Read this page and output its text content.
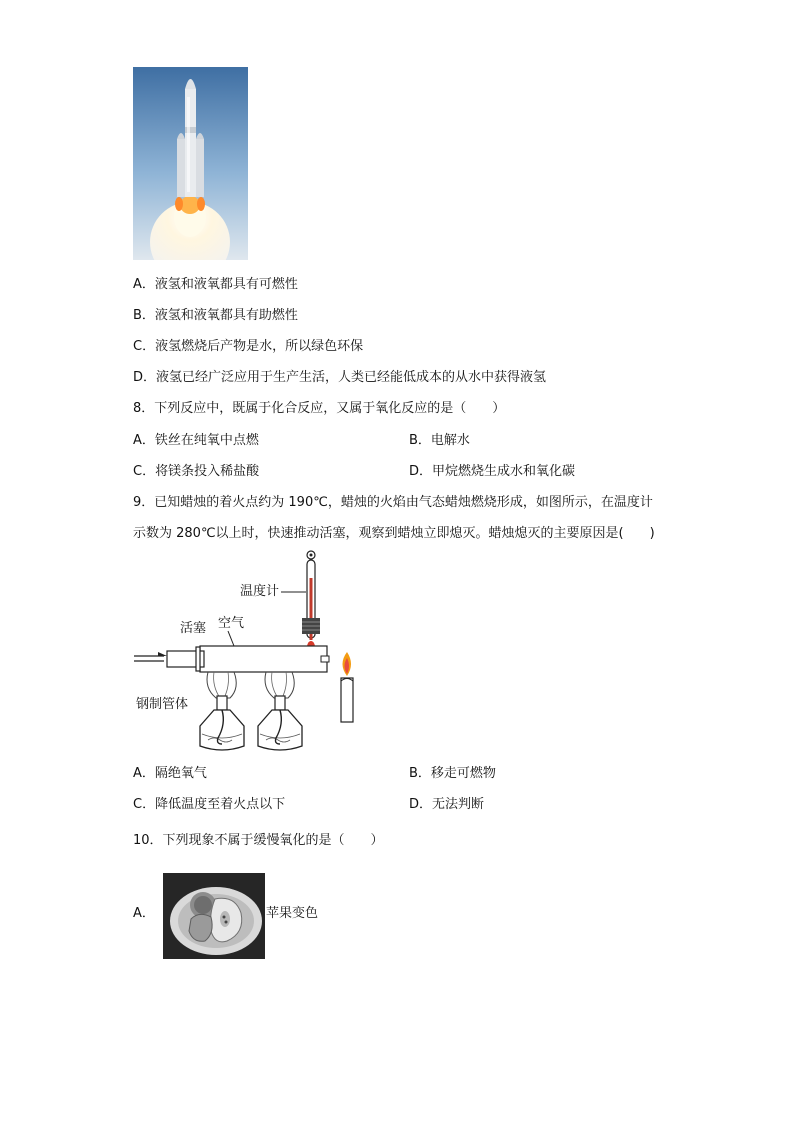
A．液氢和液氧都具有可燃性
B．液氢和液氧都具有助燃性
C．液氢燃烧后产物是水，所以绿色环保
D．液氢已经广泛应用于生产生活，人类已经能低成本的从水中获得液氢
8．下列反应中，既属于化合反应，又属于氧化反应的是（　　）
A．铁丝在纯氧中点燃	B．电解水
C．将镁条投入稀盐酸	D．甲烷燃烧生成水和氧化碳
9．已知蜡烛的着火点约为 190℃，蜡烛的火焰由气态蜡烛燃烧形成，如图所示，在温度计
示数为 280℃以上时，快速推动活塞，观察到蜡烛立即熄灭。蜡烛熄灭的主要原因是(　　)
温度计
活塞 空气
钢制管体
A．隔绝氧气	B．移走可燃物
C．降低温度至着火点以下	D．无法判断
10．下列现象不属于缓慢氧化的是（　　）
A．	苹果变色
